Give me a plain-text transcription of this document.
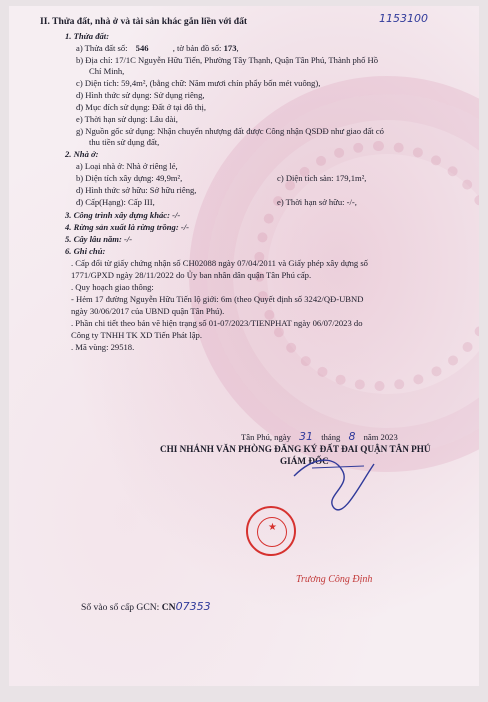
II. Thửa đất, nhà ở và tài sản khác gắn liền với đất	1153100
1. Thửa đất:
a) Thửa đất số: 546	, tờ bản đồ số: 173,
b) Địa chỉ: 17/1C Nguyễn Hữu Tiến, Phường Tây Thạnh, Quận Tân Phú, Thành phố Hồ
Chí Minh,
c) Diện tích: 59,4m², (bằng chữ: Năm mươi chín phẩy bốn mét vuông),
d) Hình thức sử dụng: Sử dụng riêng,
đ) Mục đích sử dụng: Đất ở tại đô thị,
e) Thời hạn sử dụng: Lâu dài,
g) Nguồn gốc sử dụng: Nhận chuyển nhượng đất được Công nhận QSDĐ như giao đất có
thu tiền sử dụng đất,
2. Nhà ở:
a) Loại nhà ở: Nhà ở riêng lẻ,
b) Diện tích xây dựng: 49,9m²,	c) Diện tích sàn: 179,1m²,
d) Hình thức sở hữu: Sở hữu riêng,
đ) Cấp(Hạng): Cấp III,	e) Thời hạn sở hữu: -/-,
3. Công trình xây dựng khác: -/-
4. Rừng sản xuất là rừng trồng: -/-
5. Cây lâu năm: -/-
6. Ghi chú:
. Cấp đổi từ giấy chứng nhận số CH02088 ngày 07/04/2011 và Giấy phép xây dựng số
1771/GPXD ngày 28/11/2022 do Ủy ban nhân dân quận Tân Phú cấp.
. Quy hoạch giao thông:
- Hẻm 17 đường Nguyễn Hữu Tiến lộ giới: 6m (theo Quyết định số 3242/QĐ-UBND
ngày 30/06/2017 của UBND quận Tân Phú).
. Phần chi tiết theo bản vẽ hiện trạng số 01-07/2023/TIENPHAT ngày 06/07/2023 do
Công ty TNHH TK XD Tiến Phát lập.
. Mã vùng: 29518.
Tân Phú, ngày 31 tháng 8 năm 2023
CHI NHÁNH VĂN PHÒNG ĐĂNG KÝ ĐẤT ĐAI QUẬN TÂN PHÚ
GIÁM ĐỐC
★
Trương Công Định
Số vào sổ cấp GCN: CN07353
